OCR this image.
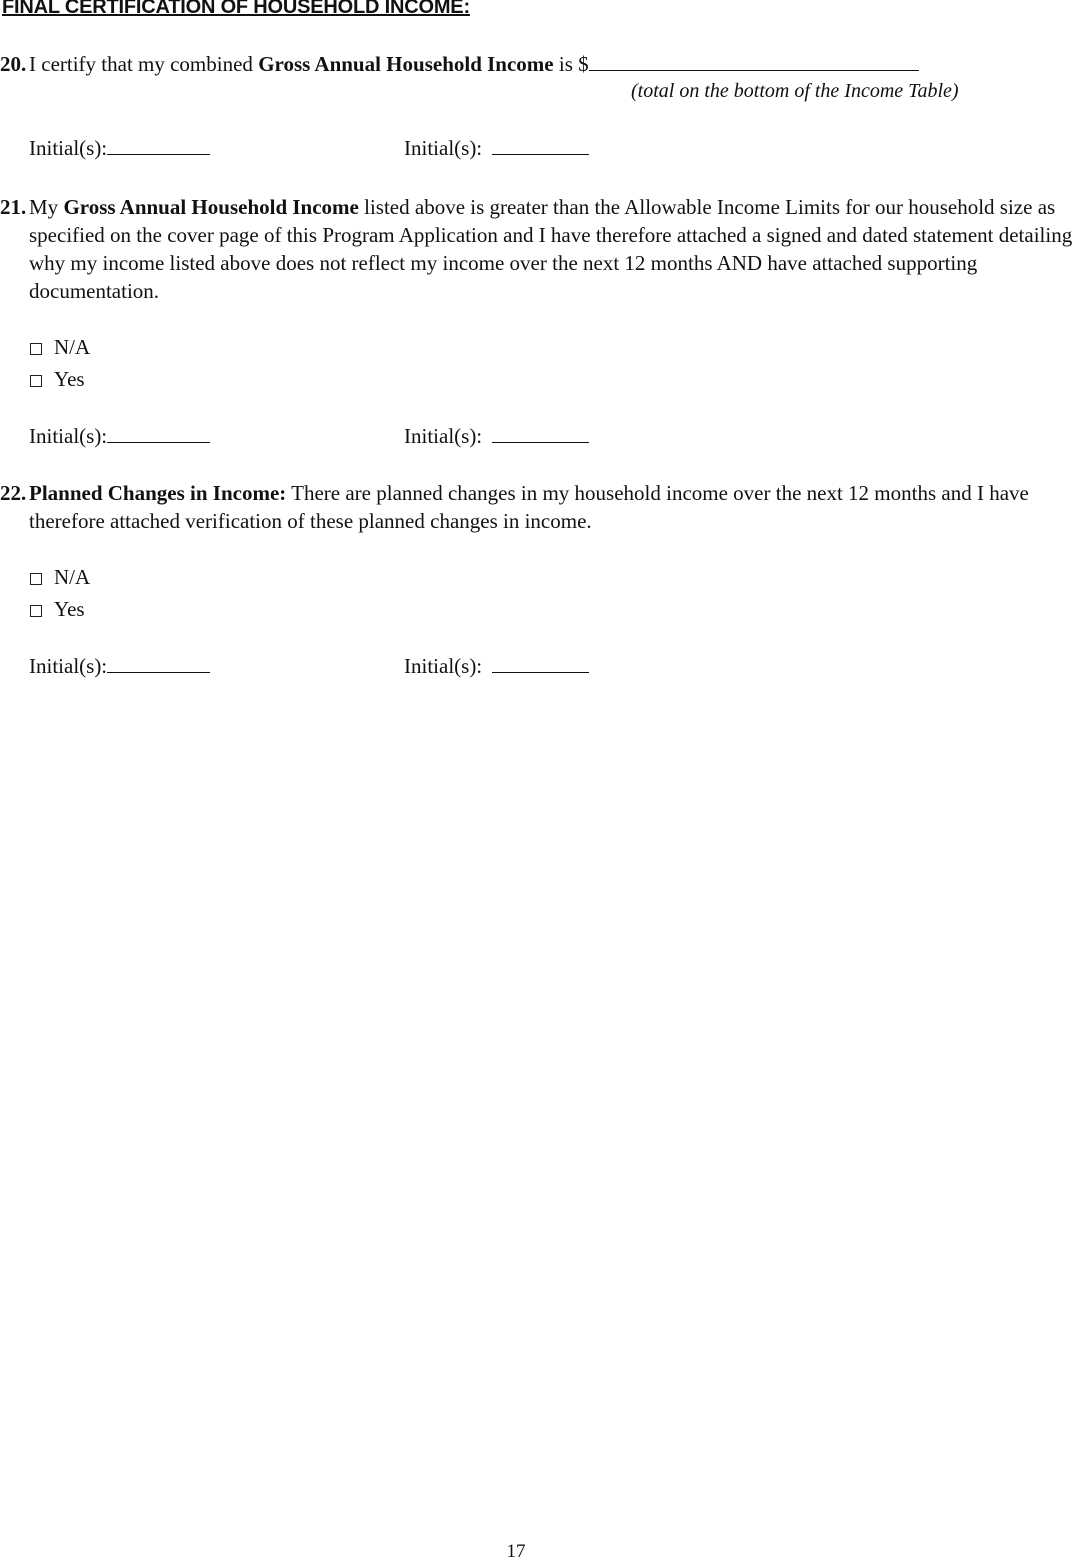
FINAL CERTIFICATION OF HOUSEHOLD INCOME:
20. I certify that my combined Gross Annual Household Income is $
(total on the bottom of the Income Table)
Initial(s):	Initial(s):
21. My Gross Annual Household Income listed above is greater than the Allowable Income Limits for our household size as specified on the cover page of this Program Application and I have therefore attached a signed and dated statement detailing why my income listed above does not reflect my income over the next 12 months AND have attached supporting documentation.
N/A
Yes
Initial(s):	Initial(s):
22. Planned Changes in Income: There are planned changes in my household income over the next 12 months and I have therefore attached verification of these planned changes in income.
N/A
Yes
Initial(s):	Initial(s):
17
